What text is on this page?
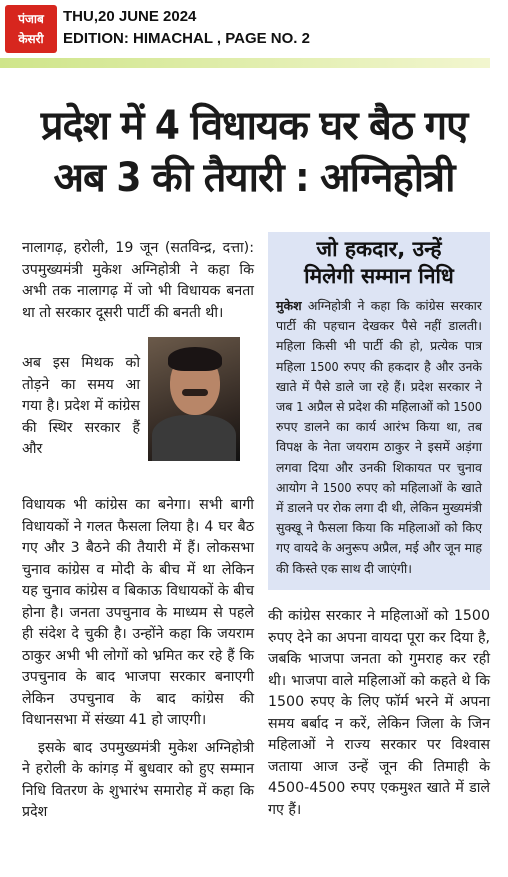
पंजाब
केसरी
THU,20 JUNE 2024
EDITION: HIMACHAL , PAGE NO. 2
प्रदेश में 4 विधायक घर बैठ गए
अब 3 की तैयारी : अग्निहोत्री

नालागढ़, हरोली, 19 जून (सतविन्द्र, दत्ता): उपमुख्यमंत्री मुकेश अग्निहोत्री ने कहा कि अभी तक नालागढ़ में जो भी विधायक बनता था तो सरकार दूसरी पार्टी की बनती थी।

अब इस मिथक को तोड़ने का समय आ गया है। प्रदेश में कांग्रेस की स्थिर सरकार हैं और

विधायक भी कांग्रेस का बनेगा। सभी बागी विधायकों ने गलत फैसला लिया है। 4 घर बैठ गए और 3 बैठने की तैयारी में हैं। लोकसभा चुनाव कांग्रेस व मोदी के बीच में था लेकिन यह चुनाव कांग्रेस व बिकाऊ विधायकों के बीच होना है। जनता उपचुनाव के माध्यम से पहले ही संदेश दे चुकी है। उन्होंने कहा कि जयराम ठाकुर अभी भी लोगों को भ्रमित कर रहे हैं कि उपचुनाव के बाद भाजपा सरकार बनाएगी लेकिन उपचुनाव के बाद कांग्रेस की विधानसभा में संख्या 41 हो जाएगी।

इसके बाद उपमुख्यमंत्री मुकेश अग्निहोत्री ने हरोली के कांगड़ में बुधवार को हुए सम्मान निधि वितरण के शुभारंभ समारोह में कहा कि प्रदेश

जो हकदार, उन्हें
मिलेगी सम्मान निधि
मुकेश अग्निहोत्री ने कहा कि कांग्रेस सरकार पार्टी की पहचान देखकर पैसे नहीं डालती। महिला किसी भी पार्टी की हो, प्रत्येक पात्र महिला 1500 रुपए की हकदार है और उनके खाते में पैसे डाले जा रहे हैं। प्रदेश सरकार ने जब 1 अप्रैल से प्रदेश की महिलाओं को 1500 रुपए डालने का कार्य आरंभ किया था, तब विपक्ष के नेता जयराम ठाकुर ने इसमें अड़ंगा लगवा दिया और उनकी शिकायत पर चुनाव आयोग ने 1500 रुपए को महिलाओं के खाते में डालने पर रोक लगा दी थी, लेकिन मुख्यमंत्री सुक्खू ने फैसला किया कि महिलाओं को किए गए वायदे के अनुरूप अप्रैल, मई और जून माह की किस्ते एक साथ दी जाएंगी।

की कांग्रेस सरकार ने महिलाओं को 1500 रुपए देने का अपना वायदा पूरा कर दिया है, जबकि भाजपा जनता को गुमराह कर रही थी। भाजपा वाले महिलाओं को कहते थे कि 1500 रुपए के लिए फॉर्म भरने में अपना समय बर्बाद न करें, लेकिन जिला के जिन महिलाओं ने राज्य सरकार पर विश्वास जताया आज उन्हें जून की तिमाही के 4500-4500 रुपए एकमुश्त खाते में डाले गए हैं।
